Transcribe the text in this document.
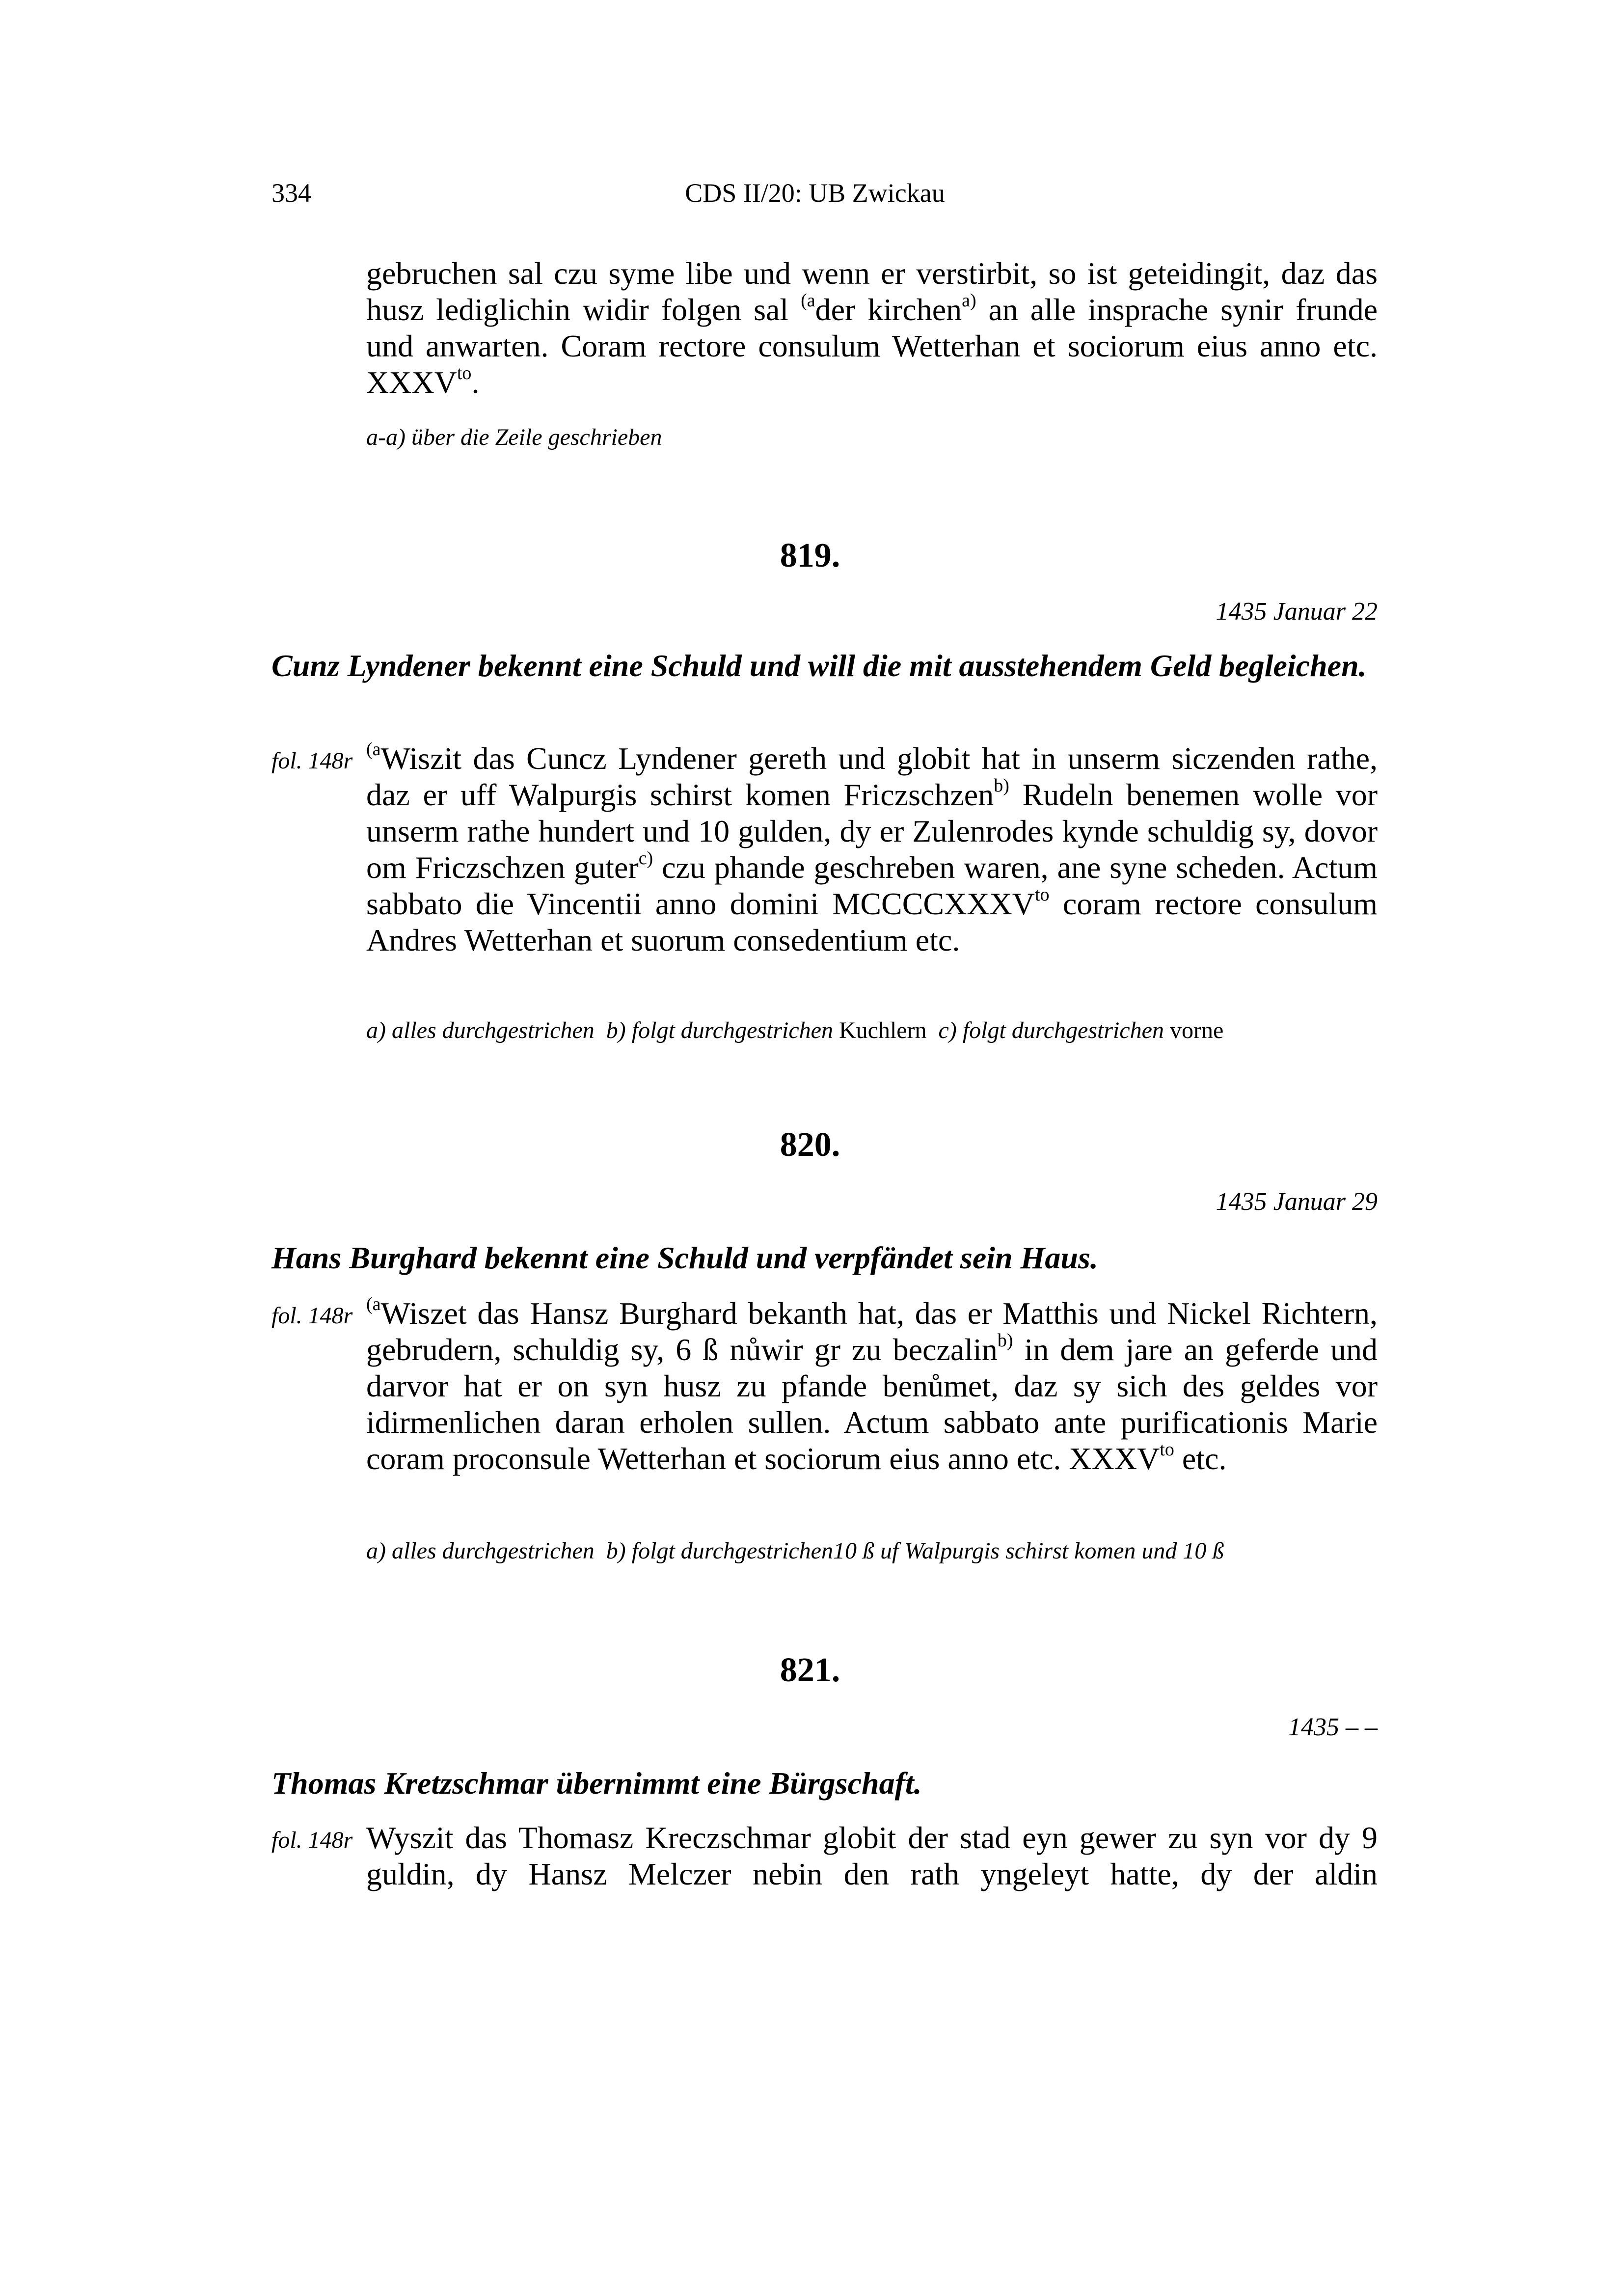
334	CDS II/20: UB Zwickau
gebruchen sal czu syme libe und wenn er verstirbit, so ist geteidingit, daz das husz lediglichin widir folgen sal $^{(a}$der kirchen$^{a)}$ an alle insprache synir frunde und anwarten. Coram rectore consulum Wetterhan et sociorum eius anno etc. $XXXV^{to}$.
a-a) über die Zeile geschrieben
819.
1435 Januar 22
Cunz Lyndener bekennt eine Schuld und will die mit ausstehendem Geld begleichen.
fol. 148r $^{(a}$Wiszit das Cuncz Lyndener gereth und globit hat in unserm siczenden rathe, daz er uff Walpurgis schirst komen Friczschzen$^{b)}$ Rudeln benemen wolle vor unserm rathe hundert und 10 gulden, dy er Zulenrodes kynde schuldig sy, dovor om Friczschzen guter$^{c)}$ czu phande geschreben waren, ane syne scheden. Actum sabbato die Vincentii anno domini $MCCCCXXXV^{to}$ coram rectore consulum Andres Wetterhan et suorum consedentium etc.
a) alles durchgestrichen b) folgt durchgestrichen Kuchlern c) folgt durchgestrichen vorne
820.
1435 Januar 29
Hans Burghard bekennt eine Schuld und verpfändet sein Haus.
fol. 148r $^{(a}$Wiszet das Hansz Burghard bekanth hat, das er Matthis und Nickel Richtern, gebrudern, schuldig sy, 6 ß nůwir gr zu beczalin$^{b)}$ in dem jare an geferde und darvor hat er on syn husz zu pfande benůmet, daz sy sich des geldes vor idirmenlichen daran erholen sullen. Actum sabbato ante purificationis Marie coram proconsule Wetterhan et sociorum eius anno etc. $XXXV^{to}$ etc.
a) alles durchgestrichen b) folgt durchgestrichen10 ß uf Walpurgis schirst komen und 10 ß
821.
1435 – –
Thomas Kretzschmar übernimmt eine Bürgschaft.
fol. 148r Wyszit das Thomasz Kreczschmar globit der stad eyn gewer zu syn vor dy 9 guldin, dy Hansz Melczer nebin den rath yngeleyt hatte, dy der aldin
